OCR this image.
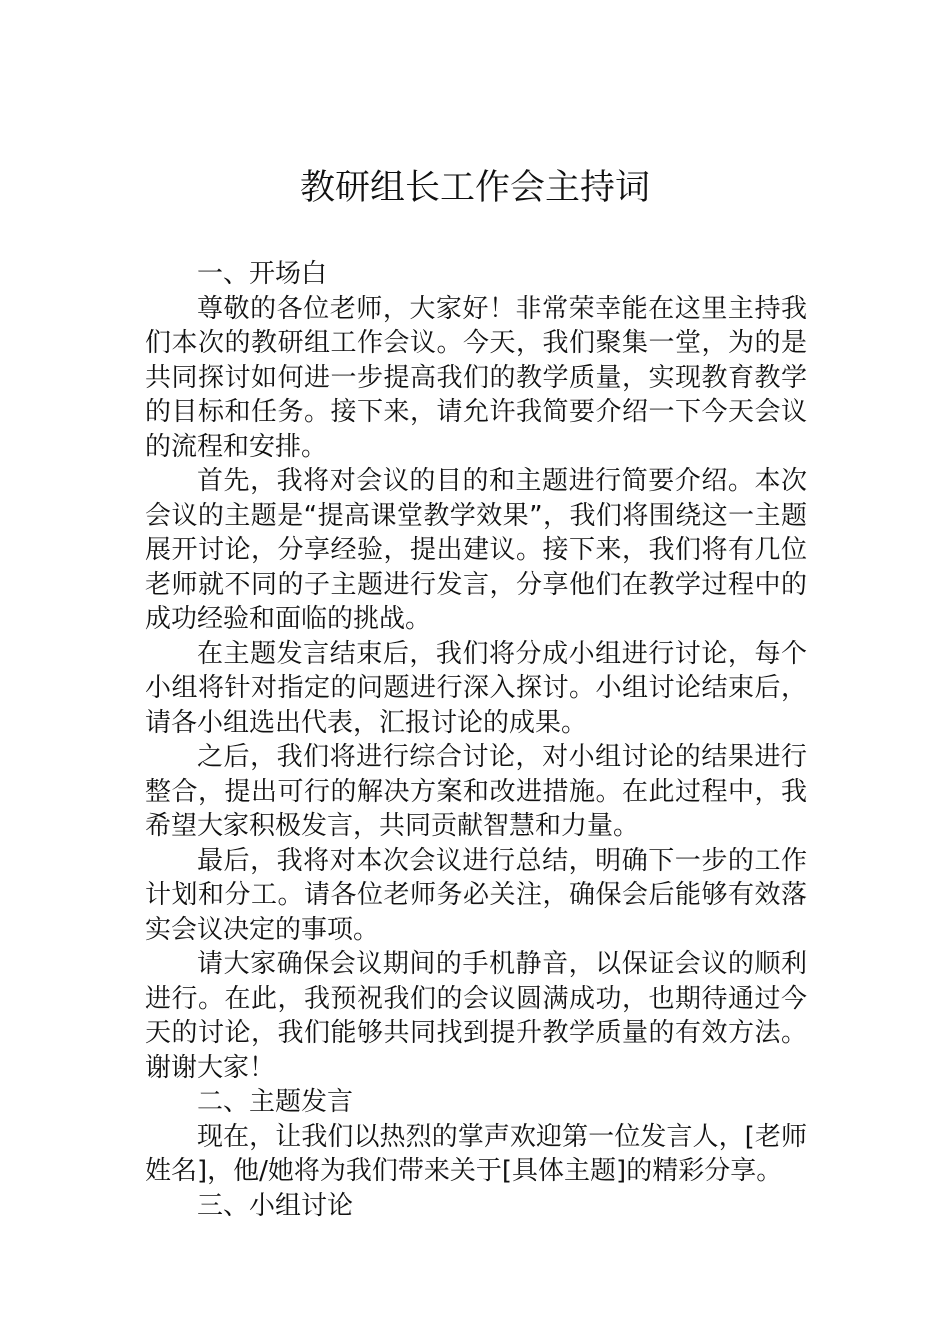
教研组长工作会主持词

一、开场白

尊敬的各位老师，大家好！非常荣幸能在这里主持我们本次的教研组工作会议。今天，我们聚集一堂，为的是共同探讨如何进一步提高我们的教学质量，实现教育教学的目标和任务。接下来，请允许我简要介绍一下今天会议的流程和安排。

首先，我将对会议的目的和主题进行简要介绍。本次会议的主题是“提高课堂教学效果”，我们将围绕这一主题展开讨论，分享经验，提出建议。接下来，我们将有几位老师就不同的子主题进行发言，分享他们在教学过程中的成功经验和面临的挑战。

在主题发言结束后，我们将分成小组进行讨论，每个小组将针对指定的问题进行深入探讨。小组讨论结束后，请各小组选出代表，汇报讨论的成果。

之后，我们将进行综合讨论，对小组讨论的结果进行整合，提出可行的解决方案和改进措施。在此过程中，我希望大家积极发言，共同贡献智慧和力量。

最后，我将对本次会议进行总结，明确下一步的工作计划和分工。请各位老师务必关注，确保会后能够有效落实会议决定的事项。

请大家确保会议期间的手机静音，以保证会议的顺利进行。在此，我预祝我们的会议圆满成功，也期待通过今天的讨论，我们能够共同找到提升教学质量的有效方法。谢谢大家！

二、主题发言

现在，让我们以热烈的掌声欢迎第一位发言人，[老师姓名]，他/她将为我们带来关于[具体主题]的精彩分享。

三、小组讨论
